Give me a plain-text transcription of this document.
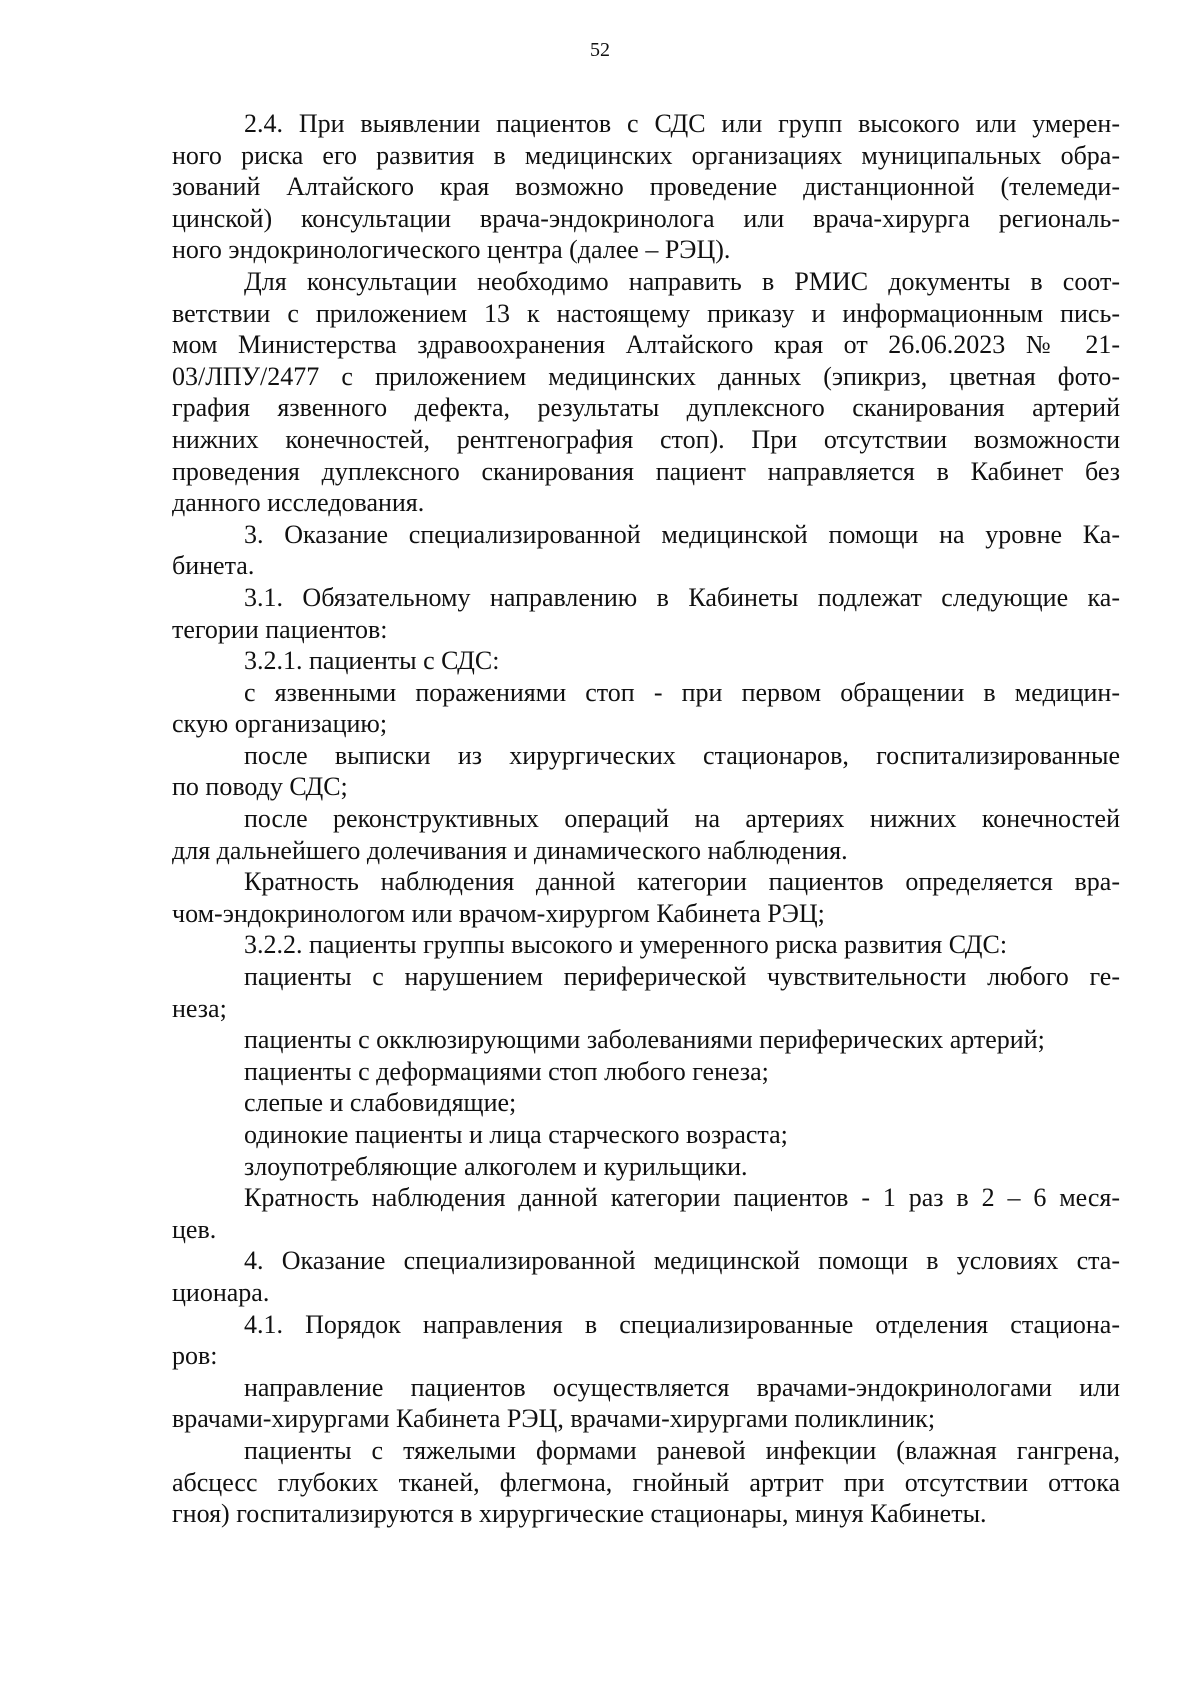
52
2.4. При выявлении пациентов с СДС или групп высокого или умерен-
ного риска его развития в медицинских организациях муниципальных обра-
зований Алтайского края возможно проведение дистанционной (телемеди-
цинской) консультации врача-эндокринолога или врача-хирурга региональ-
ного эндокринологического центра (далее – РЭЦ).
Для консультации необходимо направить в РМИС документы в соот-
ветствии с приложением 13 к настоящему приказу и информационным пись-
мом Министерства здравоохранения Алтайского края от 26.06.2023 № 21-
03/ЛПУ/2477 с приложением медицинских данных (эпикриз, цветная фото-
графия язвенного дефекта, результаты дуплексного сканирования артерий
нижних конечностей, рентгенография стоп). При отсутствии возможности
проведения дуплексного сканирования пациент направляется в Кабинет без
данного исследования.
3. Оказание специализированной медицинской помощи на уровне Ка-
бинета.
3.1. Обязательному направлению в Кабинеты подлежат следующие ка-
тегории пациентов:
3.2.1. пациенты с СДС:
с язвенными поражениями стоп - при первом обращении в медицин-
скую организацию;
после выписки из хирургических стационаров, госпитализированные
по поводу СДС;
после реконструктивных операций на артериях нижних конечностей
для дальнейшего долечивания и динамического наблюдения.
Кратность наблюдения данной категории пациентов определяется вра-
чом-эндокринологом или врачом-хирургом Кабинета РЭЦ;
3.2.2. пациенты группы высокого и умеренного риска развития СДС:
пациенты с нарушением периферической чувствительности любого ге-
неза;
пациенты с окклюзирующими заболеваниями периферических артерий;
пациенты с деформациями стоп любого генеза;
слепые и слабовидящие;
одинокие пациенты и лица старческого возраста;
злоупотребляющие алкоголем и курильщики.
Кратность наблюдения данной категории пациентов - 1 раз в 2 – 6 меся-
цев.
4. Оказание специализированной медицинской помощи в условиях ста-
ционара.
4.1. Порядок направления в специализированные отделения стациона-
ров:
направление пациентов осуществляется врачами-эндокринологами или
врачами-хирургами Кабинета РЭЦ, врачами-хирургами поликлиник;
пациенты с тяжелыми формами раневой инфекции (влажная гангрена,
абсцесс глубоких тканей, флегмона, гнойный артрит при отсутствии оттока
гноя) госпитализируются в хирургические стационары, минуя Кабинеты.
